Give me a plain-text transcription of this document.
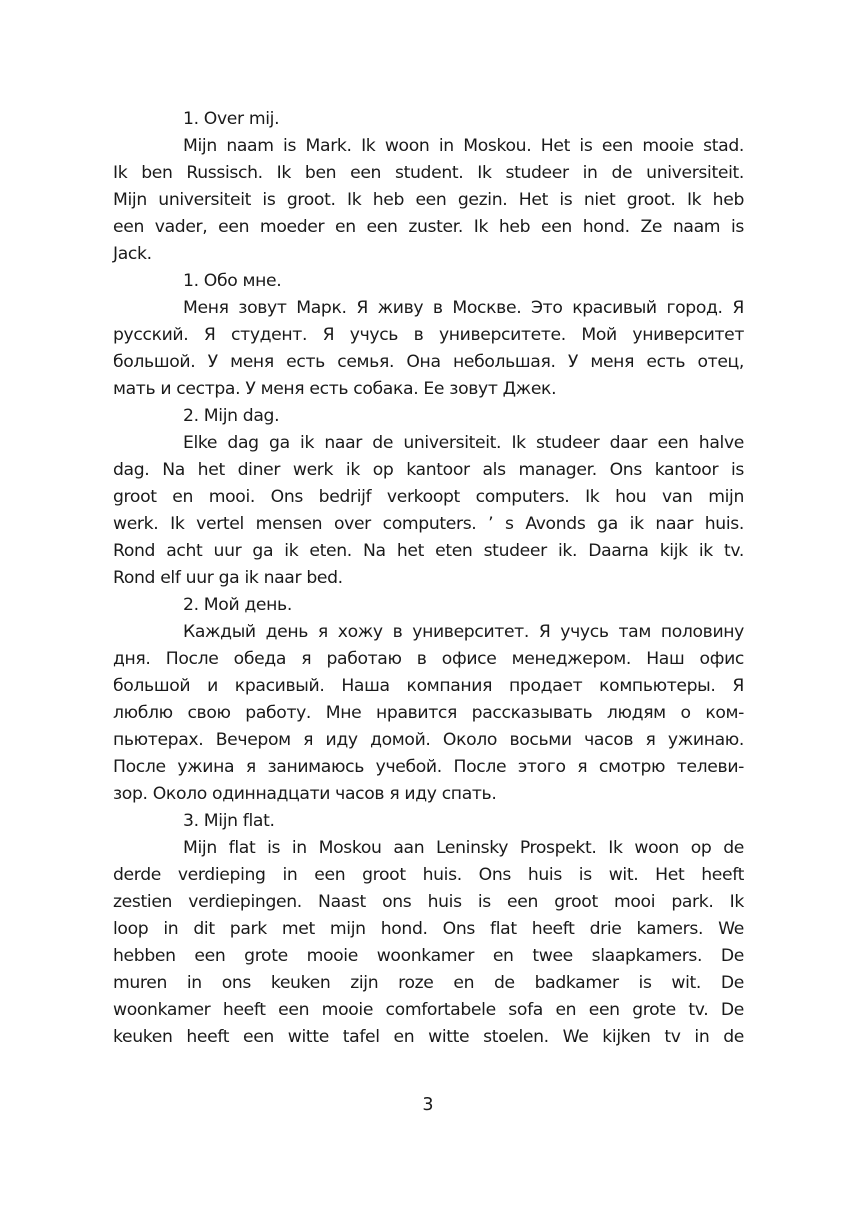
1. Over mij.
Mijn naam is Mark. Ik woon in Moskou. Het is een mooie stad.
Ik ben Russisch. Ik ben een student. Ik studeer in de universiteit.
Mijn universiteit is groot. Ik heb een gezin. Het is niet groot. Ik heb
een vader, een moeder en een zuster. Ik heb een hond. Ze naam is
Jack.
1. Обо мне.
Меня зовут Марк. Я живу в Москве. Это красивый город. Я
русский. Я студент. Я учусь в университете. Мой университет
большой. У меня есть семья. Она небольшая. У меня есть отец,
мать и сестра. У меня есть собака. Ее зовут Джек.
2. Mijn dag.
Elke dag ga ik naar de universiteit. Ik studeer daar een halve
dag. Na het diner werk ik op kantoor als manager. Ons kantoor is
groot en mooi. Ons bedrijf verkoopt computers. Ik hou van mijn
werk. Ik vertel mensen over computers. ’ s Avonds ga ik naar huis.
Rond acht uur ga ik eten. Na het eten studeer ik. Daarna kijk ik tv.
Rond elf uur ga ik naar bed.
2. Мой день.
Каждый день я хожу в университет. Я учусь там половину
дня. После обеда я работаю в офисе менеджером. Наш офис
большой и красивый. Наша компания продает компьютеры. Я
люблю свою работу. Мне нравится рассказывать людям о ком-
пьютерах. Вечером я иду домой. Около восьми часов я ужинаю.
После ужина я занимаюсь учебой. После этого я смотрю телеви-
зор. Около одиннадцати часов я иду спать.
3. Mijn flat.
Mijn flat is in Moskou aan Leninsky Prospekt. Ik woon op de
derde verdieping in een groot huis. Ons huis is wit. Het heeft
zestien verdiepingen. Naast ons huis is een groot mooi park. Ik
loop in dit park met mijn hond. Ons flat heeft drie kamers. We
hebben een grote mooie woonkamer en twee slaapkamers. De
muren in ons keuken zijn roze en de badkamer is wit. De
woonkamer heeft een mooie comfortabele sofa en een grote tv. De
keuken heeft een witte tafel en witte stoelen. We kijken tv in de
3
